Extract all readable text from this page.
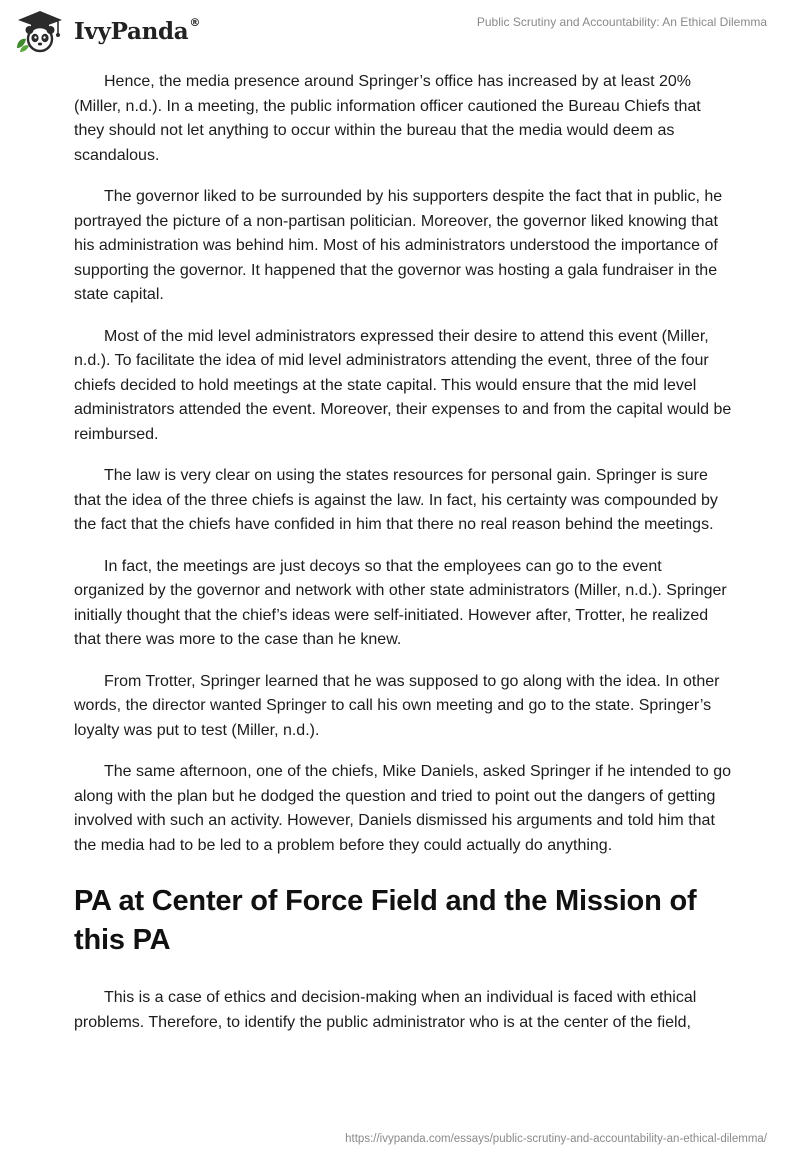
IvyPanda®	Public Scrutiny and Accountability: An Ethical Dilemma

Hence, the media presence around Springer’s office has increased by at least 20% (Miller, n.d.). In a meeting, the public information officer cautioned the Bureau Chiefs that they should not let anything to occur within the bureau that the media would deem as scandalous.

The governor liked to be surrounded by his supporters despite the fact that in public, he portrayed the picture of a non-partisan politician. Moreover, the governor liked knowing that his administration was behind him. Most of his administrators understood the importance of supporting the governor. It happened that the governor was hosting a gala fundraiser in the state capital.

Most of the mid level administrators expressed their desire to attend this event (Miller, n.d.). To facilitate the idea of mid level administrators attending the event, three of the four chiefs decided to hold meetings at the state capital. This would ensure that the mid level administrators attended the event. Moreover, their expenses to and from the capital would be reimbursed.

The law is very clear on using the states resources for personal gain. Springer is sure that the idea of the three chiefs is against the law. In fact, his certainty was compounded by the fact that the chiefs have confided in him that there no real reason behind the meetings.

In fact, the meetings are just decoys so that the employees can go to the event organized by the governor and network with other state administrators (Miller, n.d.). Springer initially thought that the chief’s ideas were self-initiated. However after, Trotter, he realized that there was more to the case than he knew.

From Trotter, Springer learned that he was supposed to go along with the idea. In other words, the director wanted Springer to call his own meeting and go to the state. Springer’s loyalty was put to test (Miller, n.d.).

The same afternoon, one of the chiefs, Mike Daniels, asked Springer if he intended to go along with the plan but he dodged the question and tried to point out the dangers of getting involved with such an activity. However, Daniels dismissed his arguments and told him that the media had to be led to a problem before they could actually do anything.

PA at Center of Force Field and the Mission of this PA

This is a case of ethics and decision-making when an individual is faced with ethical problems. Therefore, to identify the public administrator who is at the center of the field,

https://ivypanda.com/essays/public-scrutiny-and-accountability-an-ethical-dilemma/
